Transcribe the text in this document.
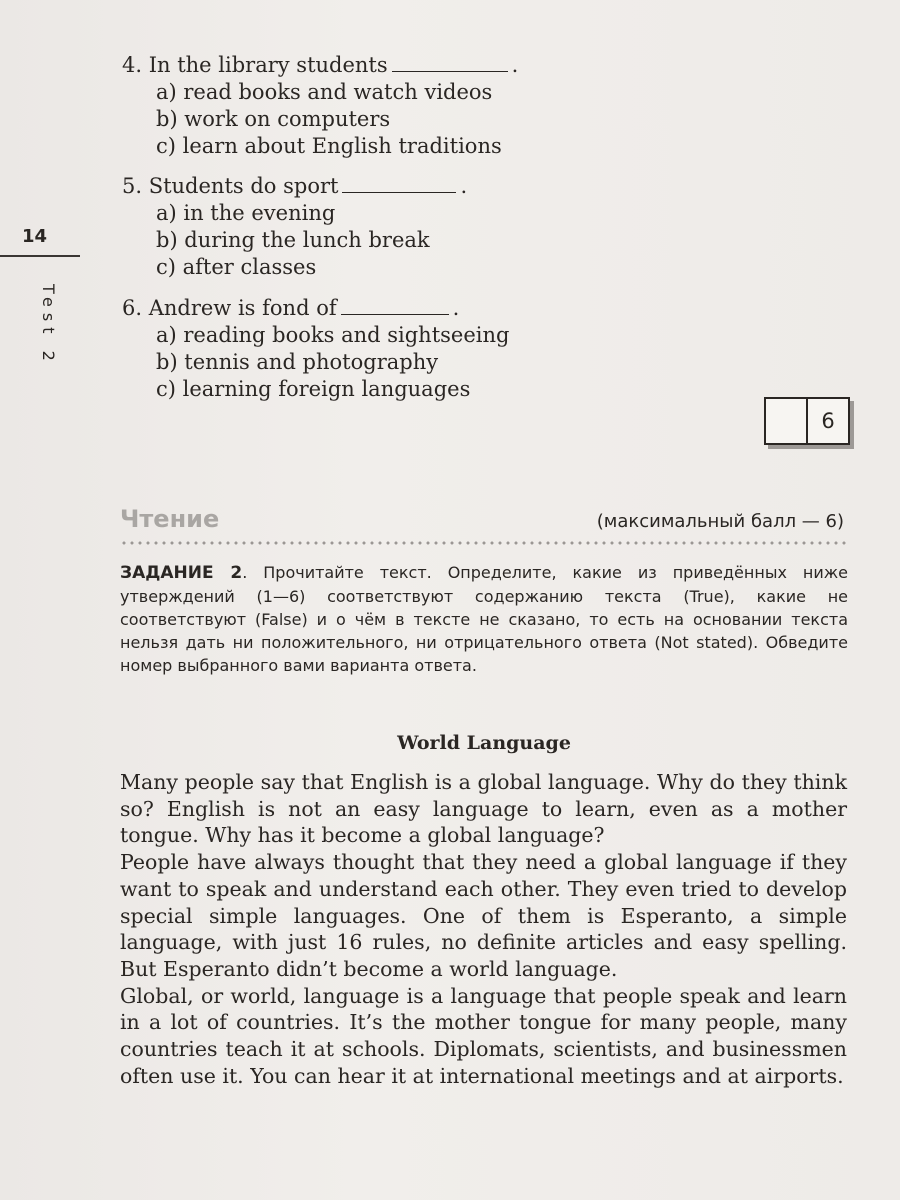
14
Test 2
4. In the library students	.
a) read books and watch videos
b) work on computers
c) learn about English traditions
5. Students do sport	.
a) in the evening
b) during the lunch break
c) after classes
6. Andrew is fond of	.
a) reading books and sightseeing
b) tennis and photography
c) learning foreign languages
6
Чтение	(максимальный балл — 6)
ЗАДАНИЕ 2. Прочитайте текст. Определите, какие из приведённых ниже утверждений (1—6) соответствуют содержанию текста (True), какие не соответствуют (False) и о чём в тексте не сказано, то есть на основании текста нельзя дать ни положительного, ни отрицательного ответа (Not stated). Обведите номер выбранного вами варианта ответа.
World Language

Many people say that English is a global language. Why do they think so? English is not an easy language to learn, even as a mother tongue. Why has it become a global language?

People have always thought that they need a global language if they want to speak and understand each other. They even tried to develop special simple languages. One of them is Esperanto, a simple language, with just 16 rules, no definite articles and easy spelling. But Esperanto didn’t become a world language.

Global, or world, language is a language that people speak and learn in a lot of countries. It’s the mother tongue for many people, many countries teach it at schools. Diplomats, scientists, and businessmen often use it. You can hear it at international meetings and at airports.
